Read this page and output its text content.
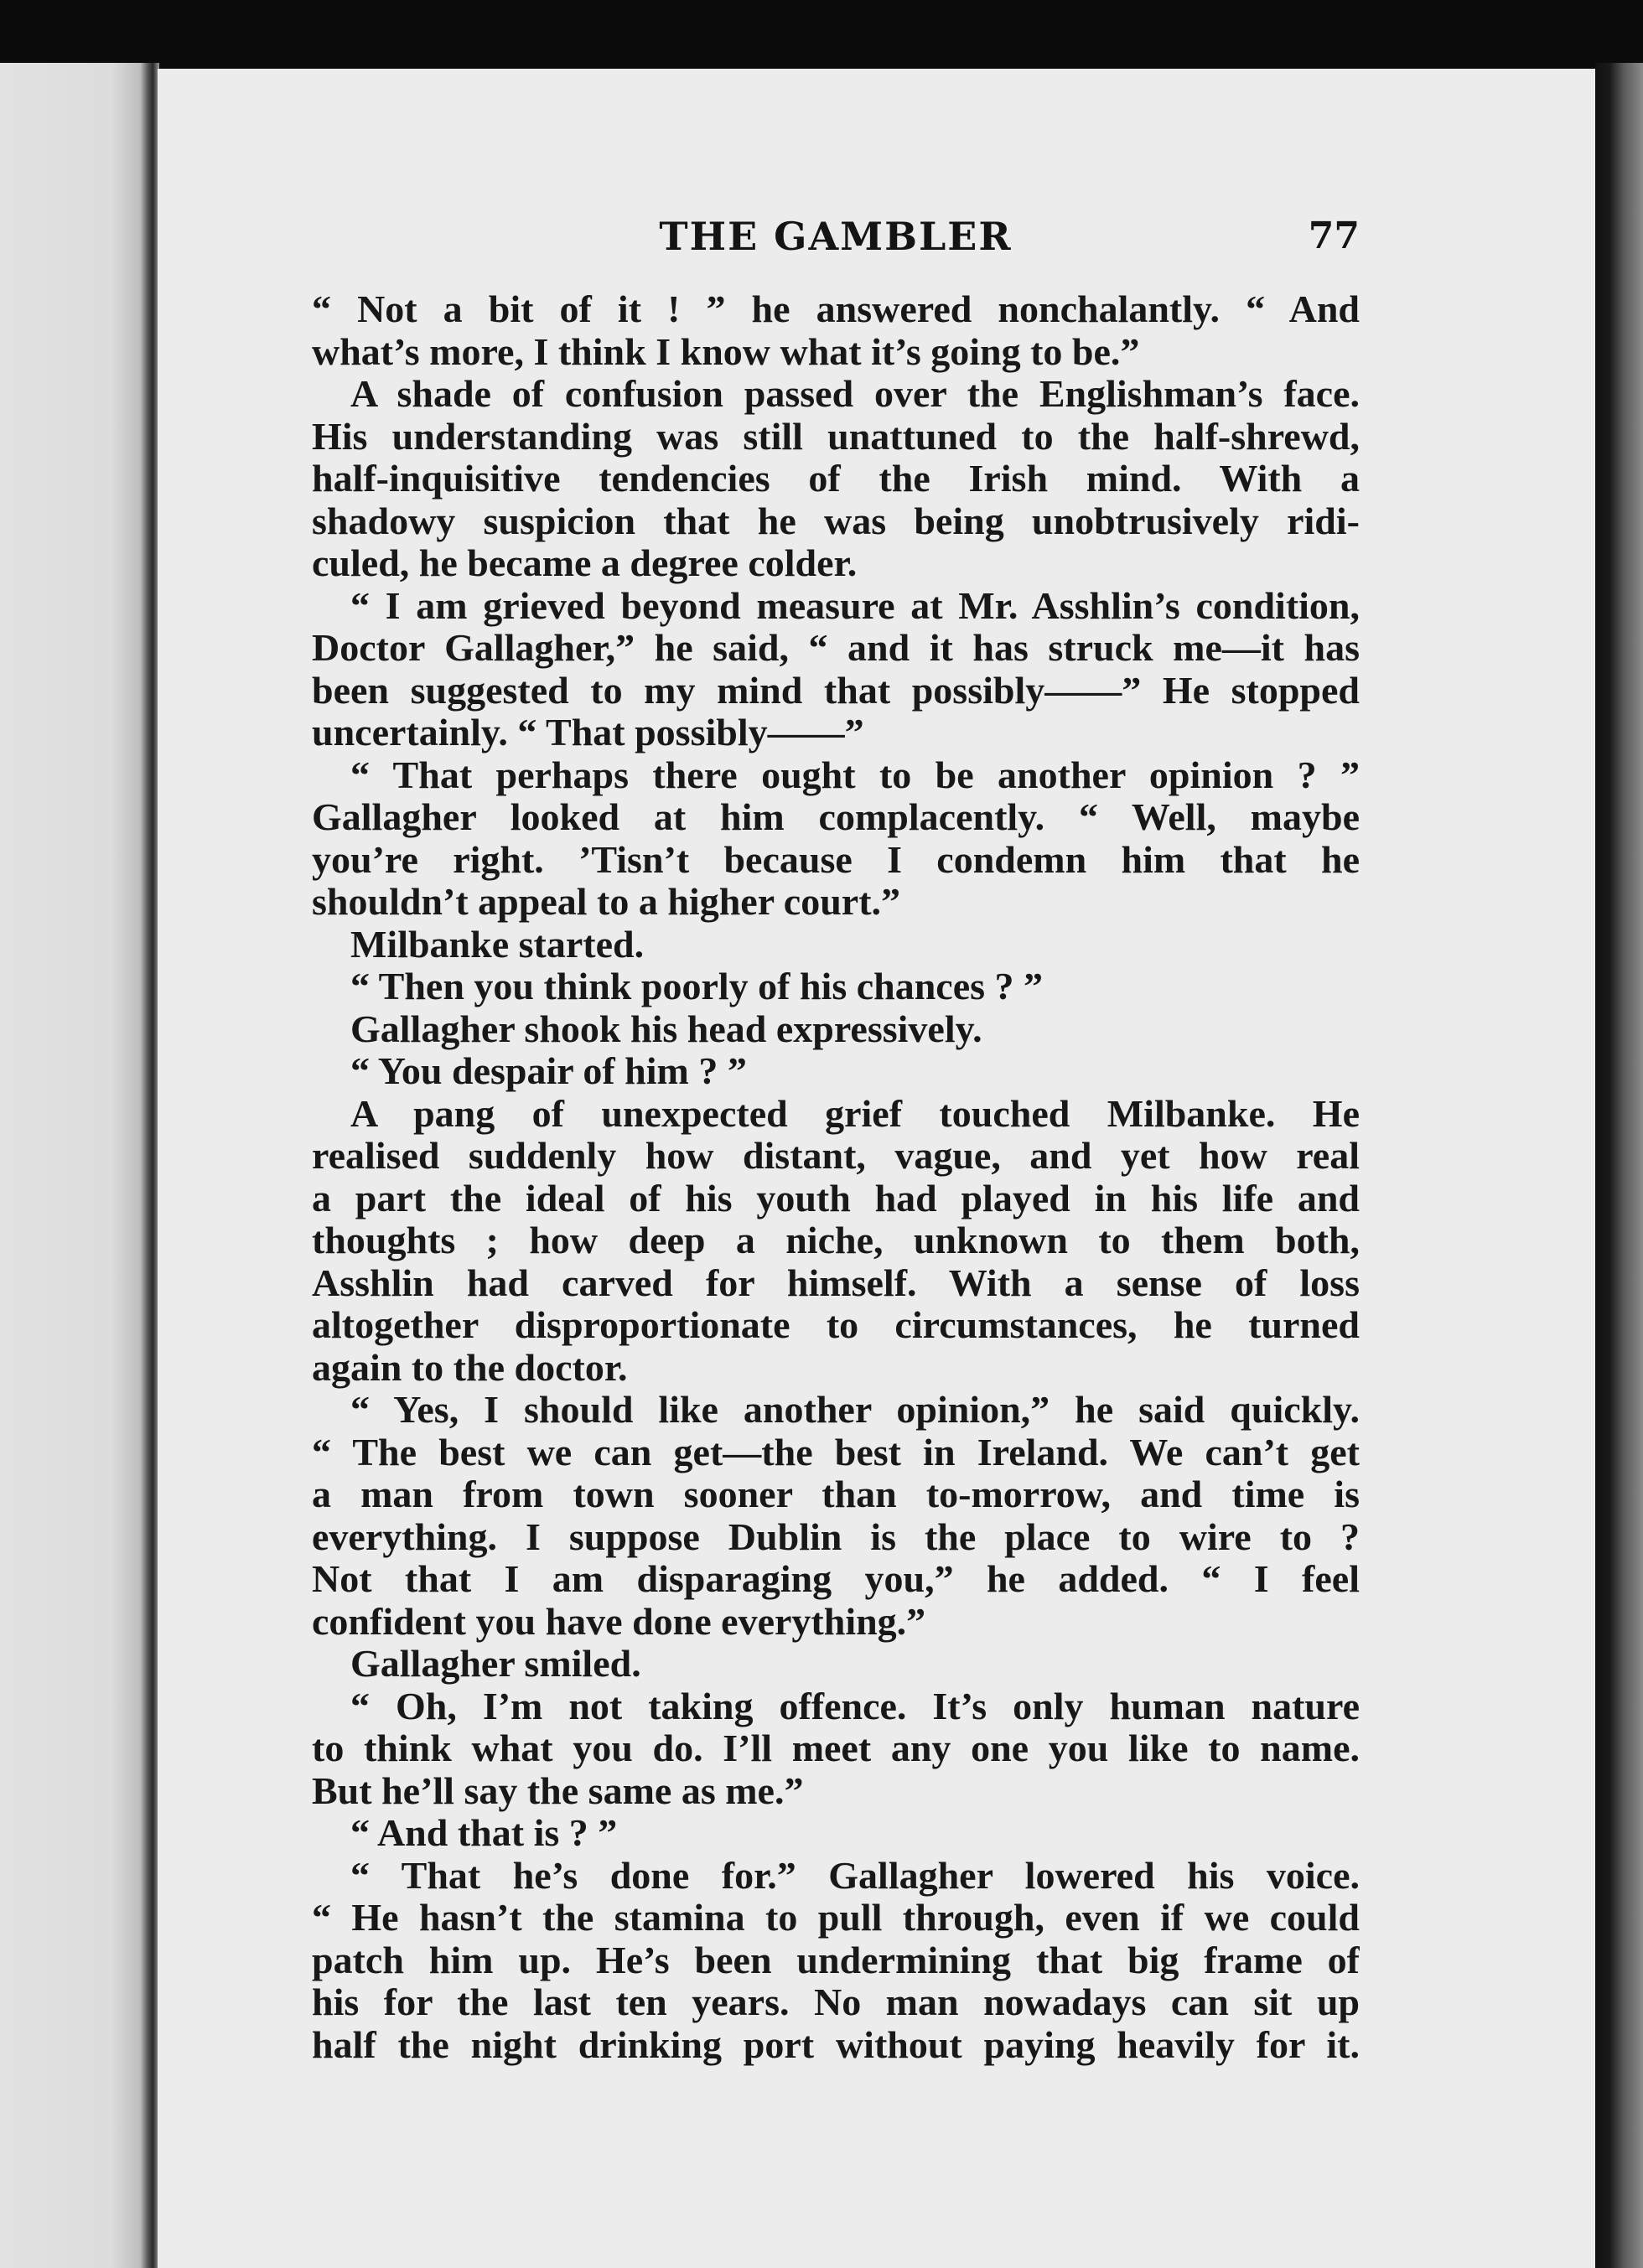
THE GAMBLER	77
“ Not a bit of it ! ” he answered nonchalantly. “ And
what’s more, I think I know what it’s going to be.”
A shade of confusion passed over the Englishman’s face.
His understanding was still unattuned to the half-shrewd,
half-inquisitive tendencies of the Irish mind. With a
shadowy suspicion that he was being unobtrusively ridi-
culed, he became a degree colder.
“ I am grieved beyond measure at Mr. Asshlin’s condition,
Doctor Gallagher,” he said, “ and it has struck me—it has
been suggested to my mind that possibly——” He stopped
uncertainly. “ That possibly——”
“ That perhaps there ought to be another opinion ? ”
Gallagher looked at him complacently. “ Well, maybe
you’re right. ’Tisn’t because I condemn him that he
shouldn’t appeal to a higher court.”
Milbanke started.
“ Then you think poorly of his chances ? ”
Gallagher shook his head expressively.
“ You despair of him ? ”
A pang of unexpected grief touched Milbanke. He
realised suddenly how distant, vague, and yet how real
a part the ideal of his youth had played in his life and
thoughts ; how deep a niche, unknown to them both,
Asshlin had carved for himself. With a sense of loss
altogether disproportionate to circumstances, he turned
again to the doctor.
“ Yes, I should like another opinion,” he said quickly.
“ The best we can get—the best in Ireland. We can’t get
a man from town sooner than to-morrow, and time is
everything. I suppose Dublin is the place to wire to ?
Not that I am disparaging you,” he added. “ I feel
confident you have done everything.”
Gallagher smiled.
“ Oh, I’m not taking offence. It’s only human nature
to think what you do. I’ll meet any one you like to name.
But he’ll say the same as me.”
“ And that is ? ”
“ That he’s done for.” Gallagher lowered his voice.
“ He hasn’t the stamina to pull through, even if we could
patch him up. He’s been undermining that big frame of
his for the last ten years. No man nowadays can sit up
half the night drinking port without paying heavily for it.
